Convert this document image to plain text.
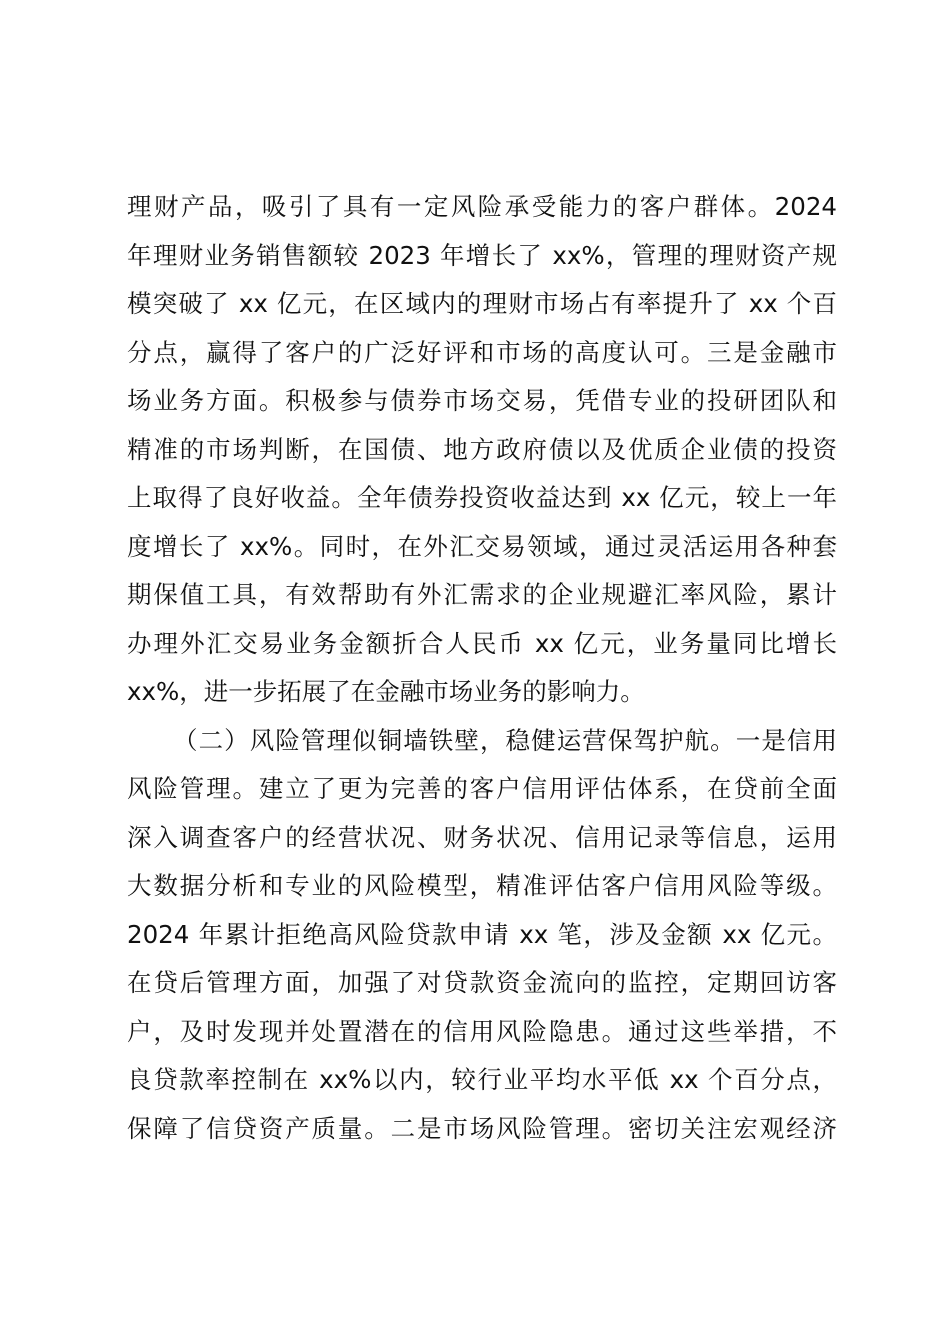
理财产品，吸引了具有一定风险承受能力的客户群体。2024
年理财业务销售额较 2023 年增长了 xx%，管理的理财资产规
模突破了 xx 亿元，在区域内的理财市场占有率提升了 xx 个百
分点，赢得了客户的广泛好评和市场的高度认可。三是金融市
场业务方面。积极参与债券市场交易，凭借专业的投研团队和
精准的市场判断，在国债、地方政府债以及优质企业债的投资
上取得了良好收益。全年债券投资收益达到 xx 亿元，较上一年
度增长了 xx%。同时，在外汇交易领域，通过灵活运用各种套
期保值工具，有效帮助有外汇需求的企业规避汇率风险，累计
办理外汇交易业务金额折合人民币 xx 亿元，业务量同比增长
xx%，进一步拓展了在金融市场业务的影响力。
（二）风险管理似铜墙铁壁，稳健运营保驾护航。一是信用
风险管理。建立了更为完善的客户信用评估体系，在贷前全面
深入调查客户的经营状况、财务状况、信用记录等信息，运用
大数据分析和专业的风险模型，精准评估客户信用风险等级。
2024 年累计拒绝高风险贷款申请 xx 笔，涉及金额 xx 亿元。
在贷后管理方面，加强了对贷款资金流向的监控，定期回访客
户，及时发现并处置潜在的信用风险隐患。通过这些举措，不
良贷款率控制在 xx%以内，较行业平均水平低 xx 个百分点，
保障了信贷资产质量。二是市场风险管理。密切关注宏观经济
